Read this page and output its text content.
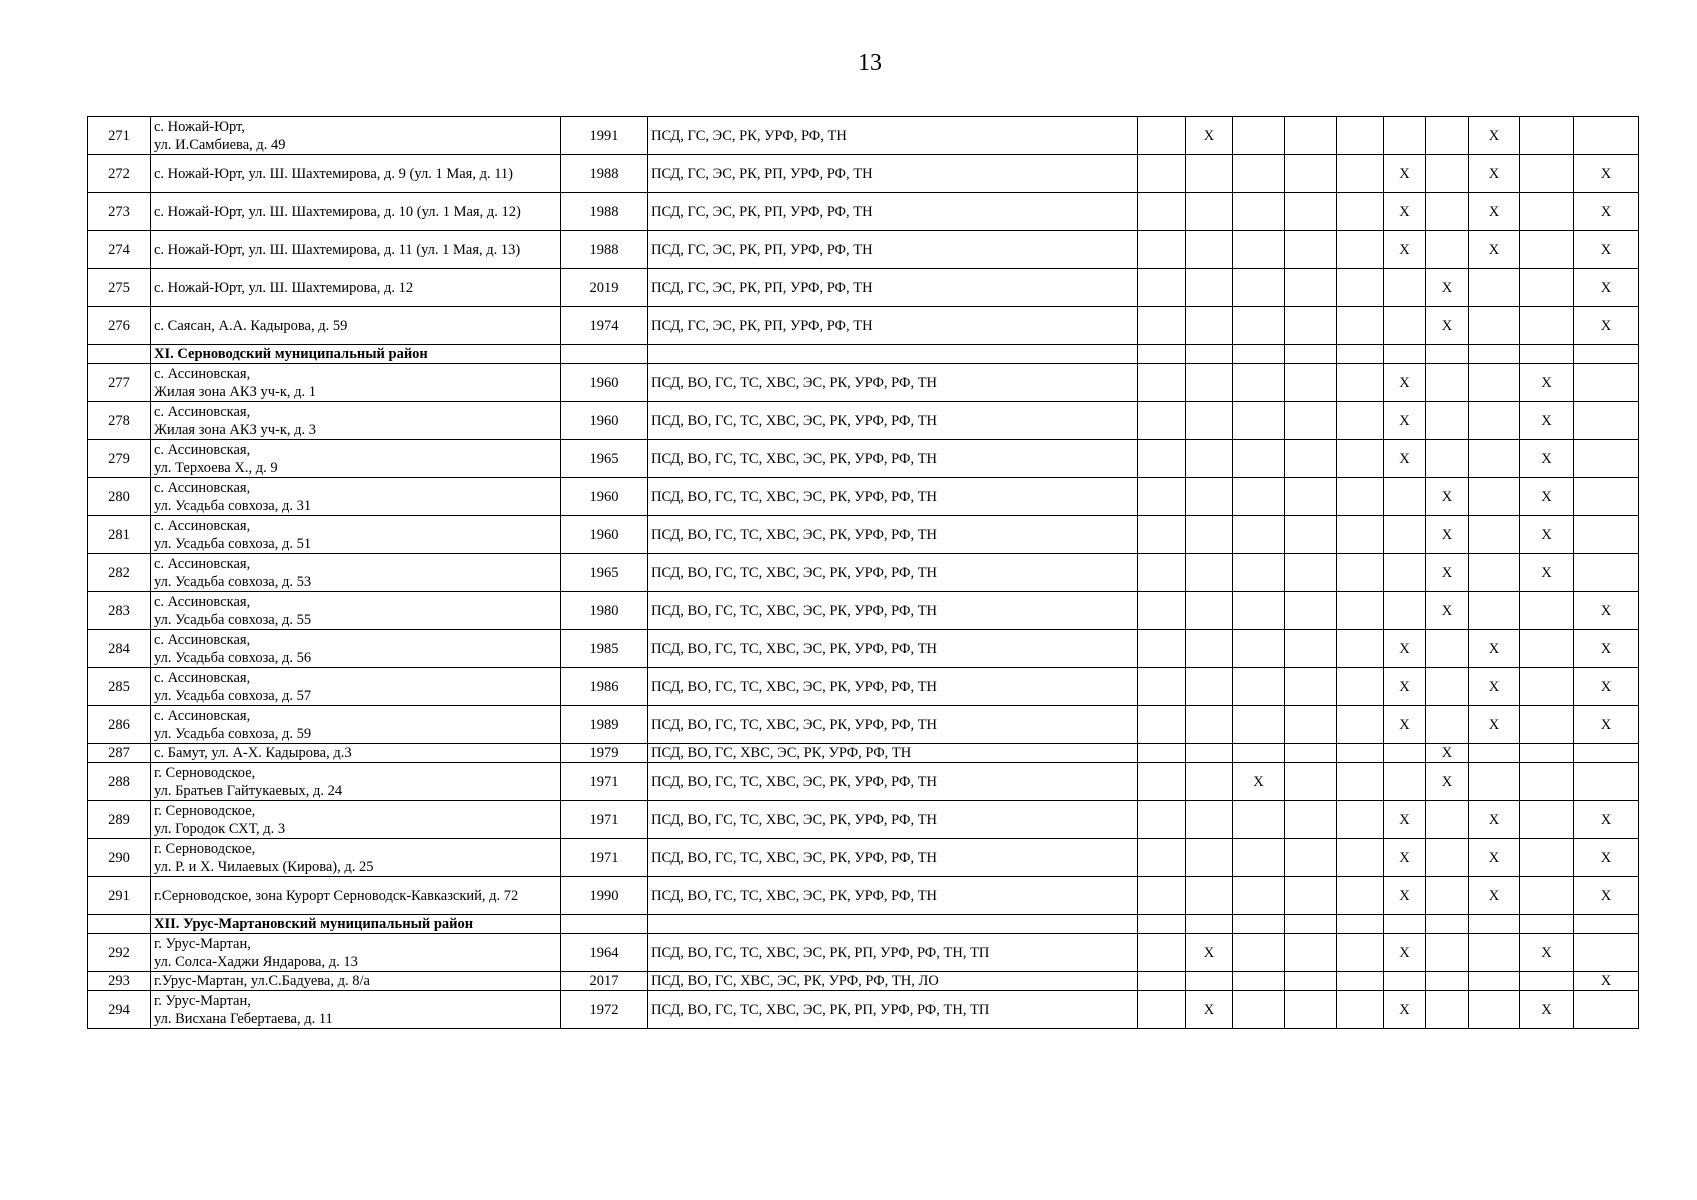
13
271	с. Ножай-Юрт,
ул. И.Самбиева, д. 49	1991	ПСД, ГС, ЭС, РК, УРФ, РФ, ТН		X						X		
272	с. Ножай-Юрт, ул. Ш. Шахтемирова, д. 9 (ул. 1 Мая, д. 11)	1988	ПСД, ГС, ЭС, РК, РП, УРФ, РФ, ТН						X		X		X
273	с. Ножай-Юрт, ул. Ш. Шахтемирова, д. 10 (ул. 1 Мая, д. 12)	1988	ПСД, ГС, ЭС, РК, РП, УРФ, РФ, ТН						X		X		X
274	с. Ножай-Юрт, ул. Ш. Шахтемирова, д. 11 (ул. 1 Мая, д. 13)	1988	ПСД, ГС, ЭС, РК, РП, УРФ, РФ, ТН						X		X		X
275	с. Ножай-Юрт, ул. Ш. Шахтемирова, д. 12	2019	ПСД, ГС, ЭС, РК, РП, УРФ, РФ, ТН							X			X
276	с. Саясан, А.А. Кадырова, д. 59	1974	ПСД, ГС, ЭС, РК, РП, УРФ, РФ, ТН							X			X
	XI. Серноводский муниципальный район												
277	с. Ассиновская,
Жилая зона АКЗ уч-к, д. 1	1960	ПСД, ВО, ГС, ТС, ХВС, ЭС, РК, УРФ, РФ, ТН						X			X	
278	с. Ассиновская,
Жилая зона АКЗ уч-к, д. 3	1960	ПСД, ВО, ГС, ТС, ХВС, ЭС, РК, УРФ, РФ, ТН						X			X	
279	с. Ассиновская,
ул. Терхоева Х., д. 9	1965	ПСД, ВО, ГС, ТС, ХВС, ЭС, РК, УРФ, РФ, ТН						X			X	
280	с. Ассиновская,
ул. Усадьба совхоза, д. 31	1960	ПСД, ВО, ГС, ТС, ХВС, ЭС, РК, УРФ, РФ, ТН							X		X	
281	с. Ассиновская,
ул. Усадьба совхоза, д. 51	1960	ПСД, ВО, ГС, ТС, ХВС, ЭС, РК, УРФ, РФ, ТН							X		X	
282	с. Ассиновская,
ул. Усадьба совхоза, д. 53	1965	ПСД, ВО, ГС, ТС, ХВС, ЭС, РК, УРФ, РФ, ТН							X		X	
283	с. Ассиновская,
ул. Усадьба совхоза, д. 55	1980	ПСД, ВО, ГС, ТС, ХВС, ЭС, РК, УРФ, РФ, ТН							X			X
284	с. Ассиновская,
ул. Усадьба совхоза, д. 56	1985	ПСД, ВО, ГС, ТС, ХВС, ЭС, РК, УРФ, РФ, ТН						X		X		X
285	с. Ассиновская,
ул. Усадьба совхоза, д. 57	1986	ПСД, ВО, ГС, ТС, ХВС, ЭС, РК, УРФ, РФ, ТН						X		X		X
286	с. Ассиновская,
ул. Усадьба совхоза, д. 59	1989	ПСД, ВО, ГС, ТС, ХВС, ЭС, РК, УРФ, РФ, ТН						X		X		X
287	с. Бамут, ул. А-Х. Кадырова, д.3	1979	ПСД, ВО, ГС, ХВС, ЭС, РК, УРФ, РФ, ТН							X			
288	г. Серноводское,
ул. Братьев Гайтукаевых, д. 24	1971	ПСД, ВО, ГС, ТС, ХВС, ЭС, РК, УРФ, РФ, ТН			X				X			
289	г. Серноводское,
ул. Городок СХТ, д. 3	1971	ПСД, ВО, ГС, ТС, ХВС, ЭС, РК, УРФ, РФ, ТН						X		X		X
290	г. Серноводское,
ул. Р. и Х. Чилаевых (Кирова), д. 25	1971	ПСД, ВО, ГС, ТС, ХВС, ЭС, РК, УРФ, РФ, ТН						X		X		X
291	г.Серноводское, зона Курорт Серноводск-Кавказский, д. 72	1990	ПСД, ВО, ГС, ТС, ХВС, ЭС, РК, УРФ, РФ, ТН						X		X		X
	XII. Урус-Мартановский муниципальный район												
292	г. Урус-Мартан,
ул. Солса-Хаджи Яндарова, д. 13	1964	ПСД, ВО, ГС, ТС, ХВС, ЭС, РК, РП, УРФ, РФ, ТН, ТП		X				X			X	
293	г.Урус-Мартан, ул.С.Бадуева, д. 8/а	2017	ПСД, ВО, ГС, ХВС, ЭС, РК, УРФ, РФ, ТН, ЛО										X
294	г. Урус-Мартан,
ул. Висхана Гебертаева, д. 11	1972	ПСД, ВО, ГС, ТС, ХВС, ЭС, РК, РП, УРФ, РФ, ТН, ТП		X				X			X	
